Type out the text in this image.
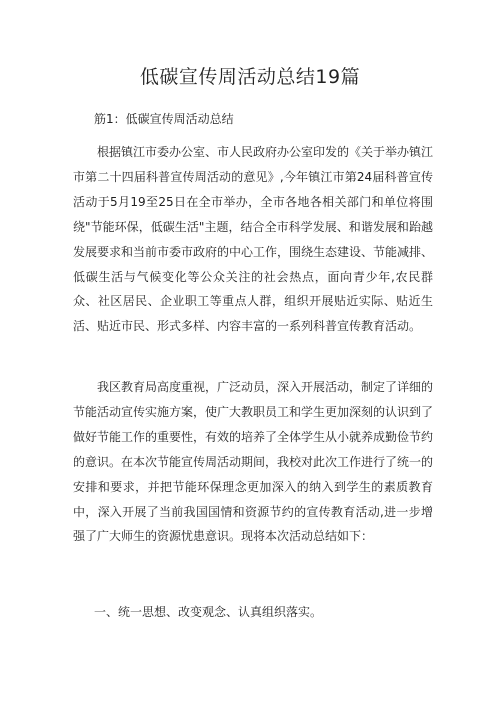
低碳宣传周活动总结19篇

筋1：低碳宣传周活动总结

根据镇江市委办公室、市人民政府办公室印发的《关于举办镇江市第二十四届科普宣传周活动的意见》,今年镇江市第24届科普宣传活动于5月19至25日在全市举办，全市各地各相关部门和单位将围绕"节能环保，低碳生活"主题，结合全市科学发展、和谐发展和跆越发展要求和当前市委市政府的中心工作，围绕生态建设、节能减排、低碳生活与气候变化等公众关注的社会热点，面向青少年,农民群众、社区居民、企业职工等重点人群，组织开展贴近实际、贴近生活、贴近市民、形式多样、内容丰富的一系列科普宣传教育活动。

我区教育局高度重视，广泛动员，深入开展活动，制定了详细的节能活动宣传实施方案，使广大教职员工和学生更加深刻的认识到了做好节能工作的重要性，有效的培养了全体学生从小就养成勤俭节约的意识。在本次节能宣传周活动期间，我校对此次工作进行了统一的安排和要求，并把节能环保理念更加深入的纳入到学生的素质教育中，深入开展了当前我国国情和资源节约的宣传教育活动,进一步增强了广大师生的资源忧患意识。现将本次活动总结如下：

一、统一思想、改变观念、认真组织落实。
